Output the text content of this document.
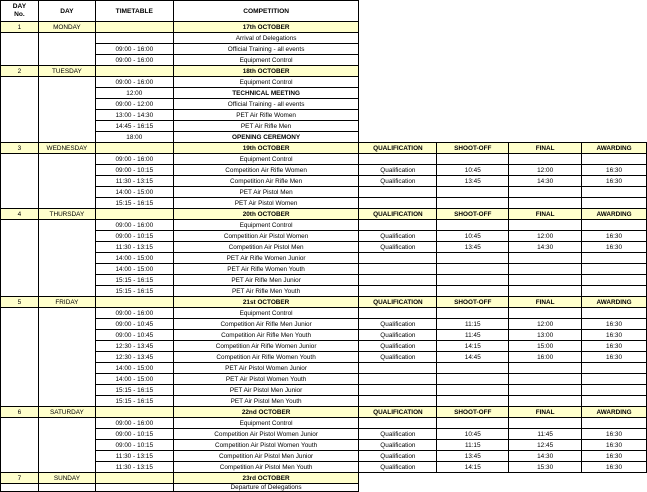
DAY
No.	DAY	TIMETABLE	COMPETITION				
1	MONDAY		17th OCTOBER				
			Arrival of Delegations				
		09:00 - 16:00	Official Training - all events				
		09:00 - 16:00	Equipment Control				
2	TUESDAY		18th OCTOBER				
		09:00 - 16:00	Equipment Control				
		12:00	TECHNICAL MEETING				
		09:00 - 12:00	Official Training - all events				
		13:00 - 14:30	PET Air Rifle Women				
		14:45 - 16:15	PET Air Rifle Men				
		18:00	OPENING CEREMONY				
3	WEDNESDAY		19th OCTOBER	QUALIFICATION	SHOOT-OFF	FINAL	AWARDING
		09:00 - 16:00	Equipment Control				
		09:00 - 10:15	Competition Air Rifle Women	Qualification	10:45	12:00	16:30
		11:30 - 13:15	Competition Air Rifle Men	Qualification	13:45	14:30	16:30
		14:00 - 15:00	PET Air Pistol Men				
		15:15 - 16:15	PET Air Pistol Women				
4	THURSDAY		20th OCTOBER	QUALIFICATION	SHOOT-OFF	FINAL	AWARDING
		09:00 - 16:00	Equipment Control				
		09:00 - 10:15	Competition Air Pistol Women	Qualification	10:45	12:00	16:30
		11:30 - 13:15	Competition Air Pistol Men	Qualification	13:45	14:30	16:30
		14:00 - 15:00	PET Air Rifle Women Junior				
		14:00 - 15:00	PET Air Rifle Women Youth				
		15:15 - 16:15	PET Air Rifle Men Junior				
		15:15 - 16:15	PET Air Rifle Men Youth				
5	FRIDAY		21st OCTOBER	QUALIFICATION	SHOOT-OFF	FINAL	AWARDING
		09:00 - 16:00	Equipment Control				
		09:00 - 10:45	Competition Air Rifle Men Junior	Qualification	11:15	12:00	16:30
		09:00 - 10:45	Competition Air Rifle Men Youth	Qualification	11:45	13:00	16:30
		12:30 - 13:45	Competition Air Rifle Women Junior	Qualification	14:15	15:00	16:30
		12:30 - 13:45	Competition Air Rifle Women Youth	Qualification	14:45	16:00	16:30
		14:00 - 15:00	PET Air Pistol Women Junior				
		14:00 - 15:00	PET Air Pistol Women Youth				
		15:15 - 16:15	PET Air Pistol Men Junior				
		15:15 - 16:15	PET Air Pistol Men Youth				
6	SATURDAY		22nd OCTOBER	QUALIFICATION	SHOOT-OFF	FINAL	AWARDING
		09:00 - 16:00	Equipment Control				
		09:00 - 10:15	Competition Air Pistol Women Junior	Qualification	10:45	11:45	16:30
		09:00 - 10:15	Competition Air Pistol Women Youth	Qualification	11:15	12:45	16:30
		11:30 - 13:15	Competition Air Pistol Men Junior	Qualification	13:45	14:30	16:30
		11:30 - 13:15	Competition Air Pistol Men Youth	Qualification	14:15	15:30	16:30
7	SUNDAY		23rd OCTOBER				
			Departure of Delegations				
